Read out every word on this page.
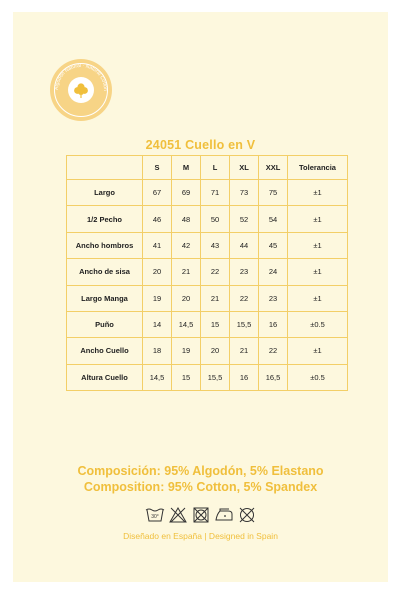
Algodón Natural · Natural Cotton
24051 Cuello en V
	S	M	L	XL	XXL	Tolerancia
Largo	67	69	71	73	75	±1
1/2 Pecho	46	48	50	52	54	±1
Ancho hombros	41	42	43	44	45	±1
Ancho de sisa	20	21	22	23	24	±1
Largo Manga	19	20	21	22	23	±1
Puño	14	14,5	15	15,5	16	±0.5
Ancho Cuello	18	19	20	21	22	±1
Altura Cuello	14,5	15	15,5	16	16,5	±0.5
Composición: 95% Algodón, 5% Elastano
Composition: 95% Cotton, 5% Spandex
30°
Diseñado en España | Designed in Spain
